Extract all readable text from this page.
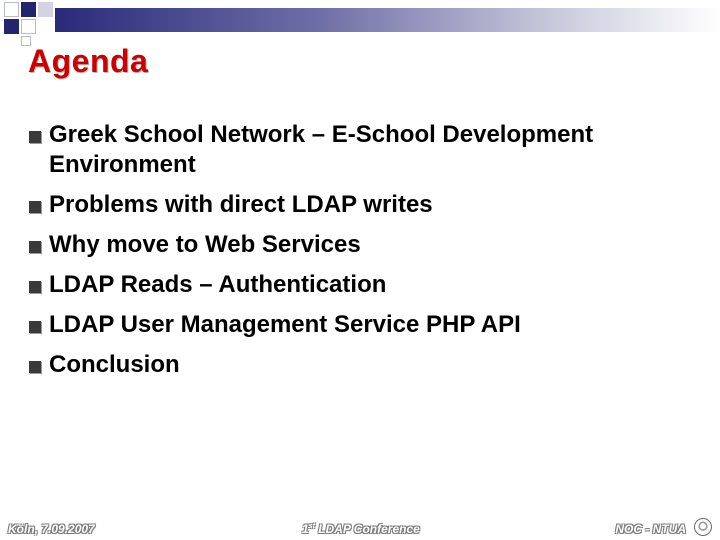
Agenda
Greek School Network – E-School Development Environment
Problems with direct LDAP writes
Why move to Web Services
LDAP Reads – Authentication
LDAP User Management Service PHP API
Conclusion
Köln, 7.09.2007	1st LDAP Conference	NOC - NTUA
